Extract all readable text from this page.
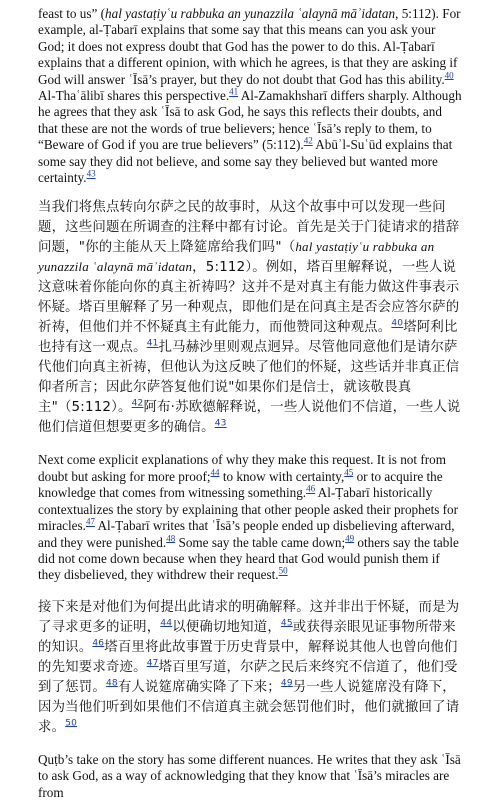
feast to us” (hal yastaṭiyʿu rabbuka an yunazzila ʿalaynā māʾidatan, 5:112). For example, al-Ṭabarī explains that some say that this means can you ask your God; it does not express doubt that God has the power to do this. Al-Ṭabarī explains that a different opinion, with which he agrees, is that they are asking if God will answer ʿĪsā’s prayer, but they do not doubt that God has this ability.$^{40}$ Al-Thaʿālibī shares this perspective.$^{41}$ Al-Zamakhsharī differs sharply. Although he agrees that they ask ʿĪsā to ask God, he says this reflects their doubts, and that these are not the words of true believers; hence ʿĪsā’s reply to them, to “Beware of God if you are true believers” (5:112).$^{42}$ Abūʾl-Suʿūd explains that some say they did not believe, and some say they believed but wanted more certainty.$^{43}$

当我们将焦点转向尔萨之民的故事时，从这个故事中可以发现一些问题，这些问题在所调查的注释中都有讨论。首先是关于门徒请求的措辞问题，"你的主能从天上降筵席给我们吗"（hal yastaṭiyʿu rabbuka an yunazzila ʿalaynā māʾidatan，5:112）。例如，塔百里解释说，一些人说这意味着你能向你的真主祈祷吗？这并不是对真主有能力做这件事表示怀疑。塔百里解释了另一种观点，即他们是在问真主是否会应答尔萨的祈祷，但他们并不怀疑真主有此能力，而他赞同这种观点。$^{40}$塔阿利比也持有这一观点。$^{41}$扎马赫沙里则观点迥异。尽管他同意他们是请尔萨代他们向真主祈祷，但他认为这反映了他们的怀疑，这些话并非真正信仰者所言；因此尔萨答复他们说"如果你们是信士，就该敬畏真主"（5:112）。$^{42}$阿布·苏欧德解释说，一些人说他们不信道，一些人说他们信道但想要更多的确信。$^{43}$

Next come explicit explanations of why they make this request. It is not from doubt but asking for more proof;$^{44}$ to know with certainty,$^{45}$ or to acquire the knowledge that comes from witnessing something.$^{46}$ Al-Ṭabarī historically contextualizes the story by explaining that other people asked their prophets for miracles.$^{47}$ Al-Ṭabarī writes that ʿĪsā’s people ended up disbelieving afterward, and they were punished.$^{48}$ Some say the table came down;$^{49}$ others say the table did not come down because when they heard that God would punish them if they disbelieved, they withdrew their request.$^{50}$

接下来是对他们为何提出此请求的明确解释。这并非出于怀疑，而是为了寻求更多的证明，$^{44}$以便确切地知道，$^{45}$或获得亲眼见证事物所带来的知识。$^{46}$塔百里将此故事置于历史背景中，解释说其他人也曾向他们的先知要求奇迹。$^{47}$塔百里写道，尔萨之民后来终究不信道了，他们受到了惩罚。$^{48}$有人说筵席确实降了下来；$^{49}$另一些人说筵席没有降下，因为当他们听到如果他们不信道真主就会惩罚他们时，他们就撤回了请求。$^{50}$

Quṭb’s take on the story has some different nuances. He writes that they ask ʿĪsā to ask God, as a way of acknowledging that they know that ʿĪsā’s miracles are from
